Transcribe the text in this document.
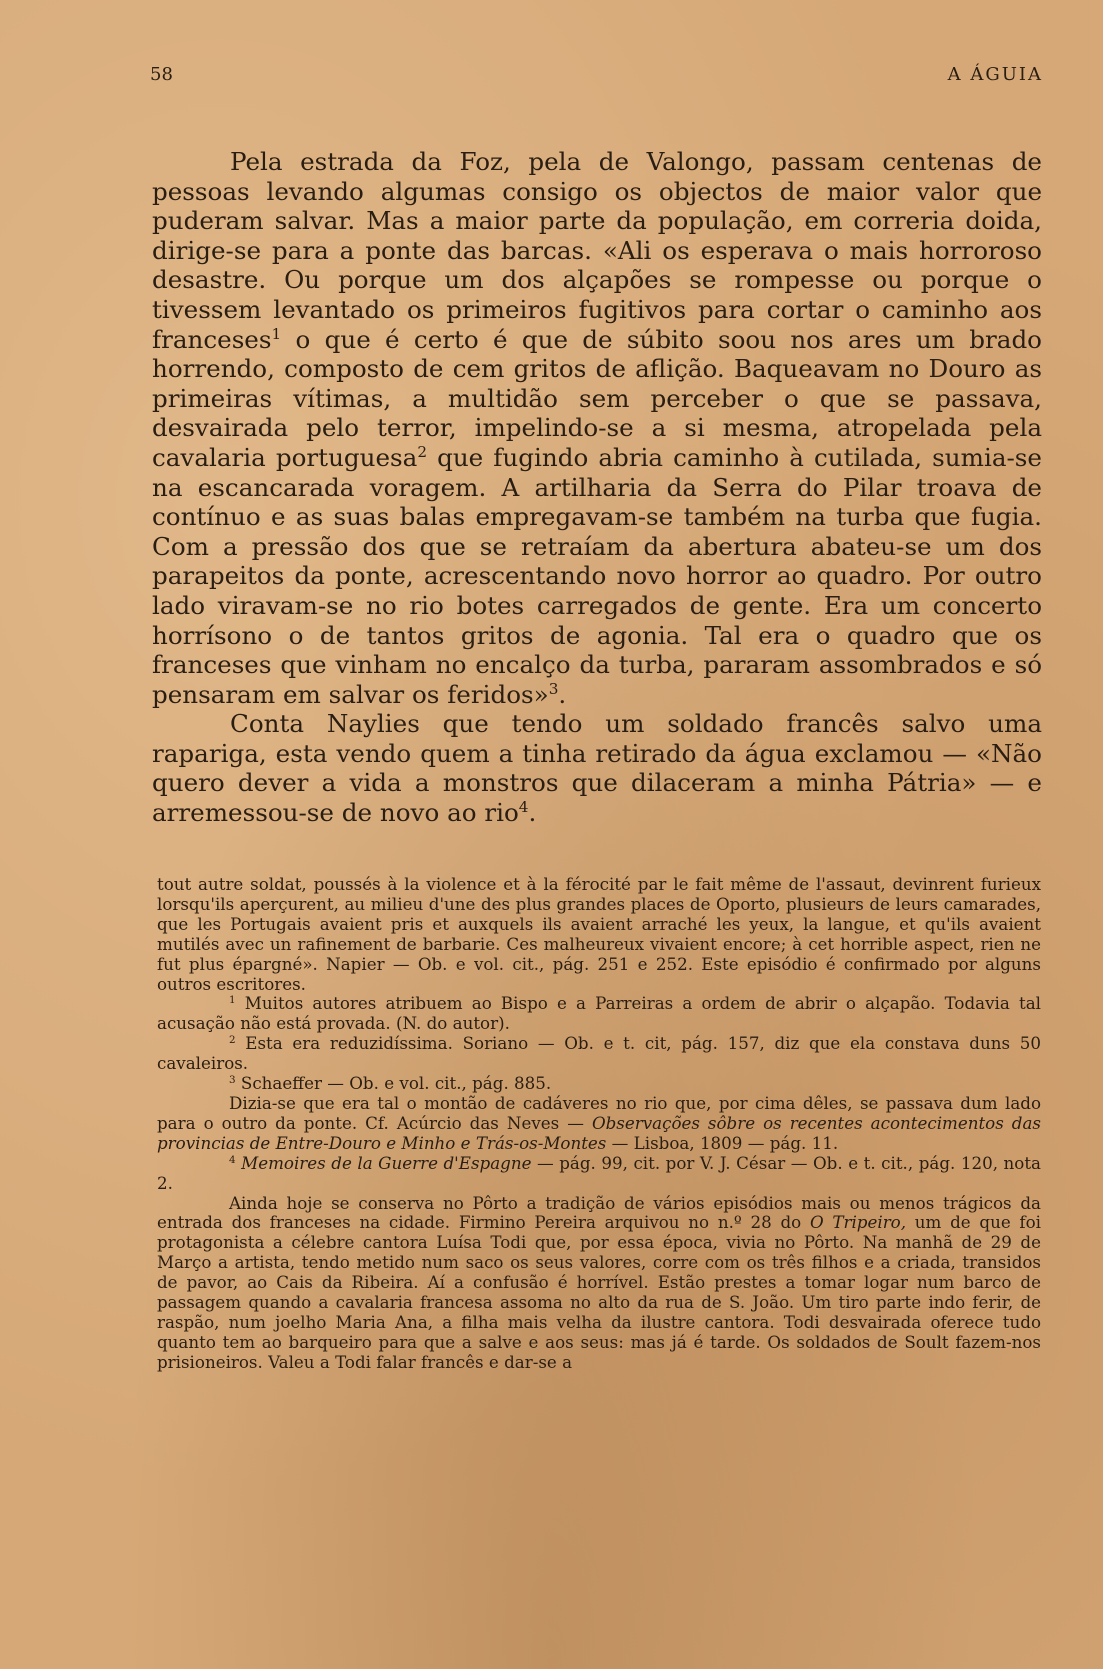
58	A ÁGUIA

Pela estrada da Foz, pela de Valongo, passam centenas de pessoas levando algumas consigo os objectos de maior valor que puderam salvar. Mas a maior parte da população, em correria doida, dirige-se para a ponte das barcas. «Ali os esperava o mais horroroso desastre. Ou porque um dos alçapões se rompesse ou porque o tivessem levantado os primeiros fugitivos para cortar o caminho aos franceses$^1$ o que é certo é que de súbito soou nos ares um brado horrendo, composto de cem gritos de aflição. Baqueavam no Douro as primeiras vítimas, a multidão sem perceber o que se passava, desvairada pelo terror, impelindo-se a si mesma, atropelada pela cavalaria portuguesa$^2$ que fugindo abria caminho à cutilada, sumia-se na escancarada voragem. A artilharia da Serra do Pilar troava de contínuo e as suas balas empregavam-se também na turba que fugia. Com a pressão dos que se retraíam da abertura abateu-se um dos parapeitos da ponte, acrescentando novo horror ao quadro. Por outro lado viravam-se no rio botes carregados de gente. Era um concerto horrísono o de tantos gritos de agonia. Tal era o quadro que os franceses que vinham no encalço da turba, pararam assombrados e só pensaram em salvar os feridos»$^3$.

Conta Naylies que tendo um soldado francês salvo uma rapariga, esta vendo quem a tinha retirado da água exclamou — «Não quero dever a vida a monstros que dilaceram a minha Pátria» — e arremessou-se de novo ao rio$^4$.

tout autre soldat, poussés à la violence et à la férocité par le fait même de l'assaut, devinrent furieux lorsqu'ils aperçurent, au milieu d'une des plus grandes places de Oporto, plusieurs de leurs camarades, que les Portugais avaient pris et auxquels ils avaient arraché les yeux, la langue, et qu'ils avaient mutilés avec un rafinement de barbarie. Ces malheureux vivaient encore; à cet horrible aspect, rien ne fut plus épargné». Napier — Ob. e vol. cit., pág. 251 e 252. Este episódio é confirmado por alguns outros escritores.

$^1$ Muitos autores atribuem ao Bispo e a Parreiras a ordem de abrir o alçapão. Todavia tal acusação não está provada. (N. do autor).

$^2$ Esta era reduzidíssima. Soriano — Ob. e t. cit, pág. 157, diz que ela constava duns 50 cavaleiros.

$^3$ Schaeffer — Ob. e vol. cit., pág. 885.

Dizia-se que era tal o montão de cadáveres no rio que, por cima dêles, se passava dum lado para o outro da ponte. Cf. Acúrcio das Neves — Observações sôbre os recentes acontecimentos das provincias de Entre-Douro e Minho e Trás-os-Montes — Lisboa, 1809 — pág. 11.

$^4$ Memoires de la Guerre d'Espagne — pág. 99, cit. por V. J. César — Ob. e t. cit., pág. 120, nota 2.

Ainda hoje se conserva no Pôrto a tradição de vários episódios mais ou menos trágicos da entrada dos franceses na cidade. Firmino Pereira arquivou no n.º 28 do O Tripeiro, um de que foi protagonista a célebre cantora Luísa Todi que, por essa época, vivia no Pôrto. Na manhã de 29 de Março a artista, tendo metido num saco os seus valores, corre com os três filhos e a criada, transidos de pavor, ao Cais da Ribeira. Aí a confusão é horrível. Estão prestes a tomar logar num barco de passagem quando a cavalaria francesa assoma no alto da rua de S. João. Um tiro parte indo ferir, de raspão, num joelho Maria Ana, a filha mais velha da ilustre cantora. Todi desvairada oferece tudo quanto tem ao barqueiro para que a salve e aos seus: mas já é tarde. Os soldados de Soult fazem-nos prisioneiros. Valeu a Todi falar francês e dar-se a
